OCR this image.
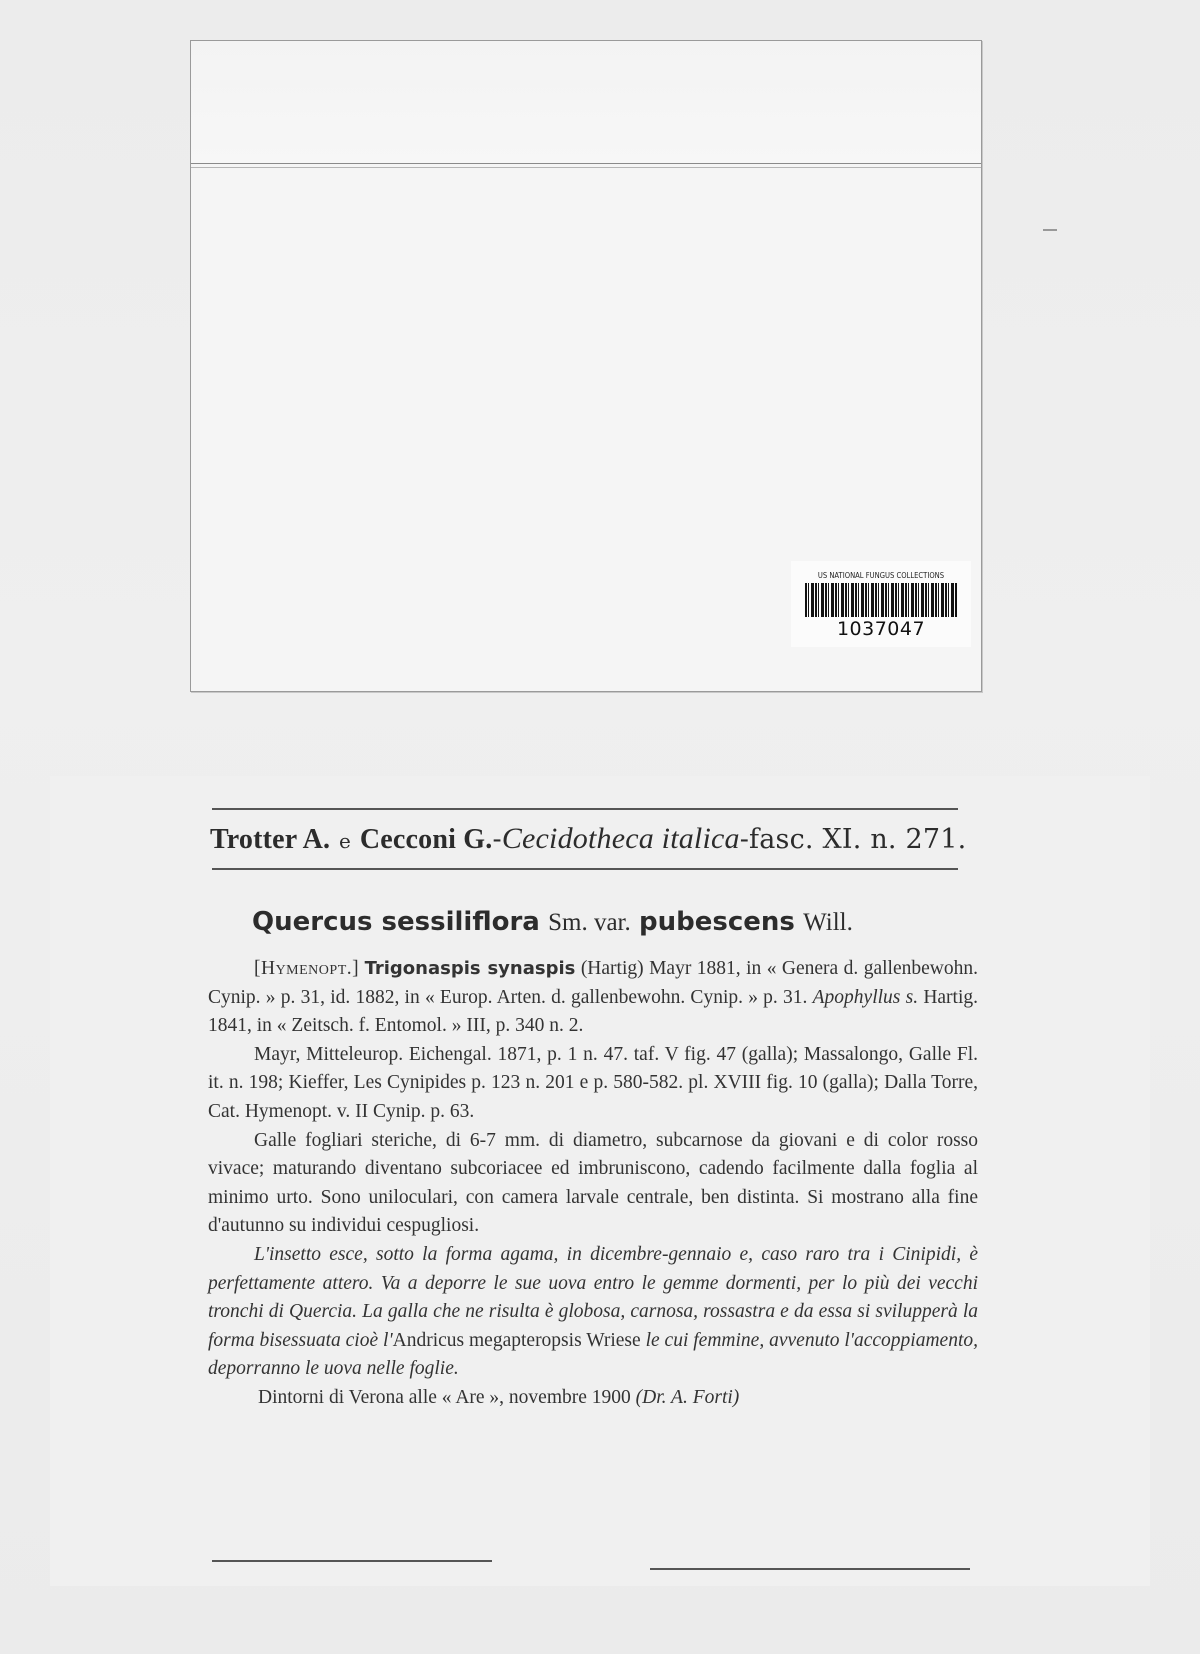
US NATIONAL FUNGUS COLLECTIONS
1037047
Trotter A. e Cecconi G.-Cecidotheca italica-fasc. XI. n. 271.
Quercus sessiliflora Sm. var. pubescens Will.

[Hymenopt.] Trigonaspis synaspis (Hartig) Mayr 1881, in « Genera d. gallenbewohn. Cynip. » p. 31, id. 1882, in « Europ. Arten. d. gallenbewohn. Cynip. » p. 31. Apophyllus s. Hartig. 1841, in « Zeitsch. f. Entomol. » III, p. 340 n. 2.

Mayr, Mitteleurop. Eichengal. 1871, p. 1 n. 47. taf. V fig. 47 (galla); Massalongo, Galle Fl. it. n. 198; Kieffer, Les Cynipides p. 123 n. 201 e p. 580-582. pl. XVIII fig. 10 (galla); Dalla Torre, Cat. Hymenopt. v. II Cynip. p. 63.

Galle fogliari steriche, di 6-7 mm. di diametro, subcarnose da giovani e di color rosso vivace; maturando diventano subcoriacee ed imbruniscono, cadendo facilmente dalla foglia al minimo urto. Sono uniloculari, con camera larvale centrale, ben distinta. Si mostrano alla fine d'autunno su individui cespugliosi.

L'insetto esce, sotto la forma agama, in dicembre-gennaio e, caso raro tra i Cinipidi, è perfettamente attero. Va a deporre le sue uova entro le gemme dormenti, per lo più dei vecchi tronchi di Quercia. La galla che ne risulta è globosa, carnosa, rossastra e da essa si svilupperà la forma bisessuata cioè l'Andricus megapteropsis Wriese le cui femmine, avvenuto l'accoppiamento, deporranno le uova nelle foglie.

Dintorni di Verona alle « Are », novembre 1900 (Dr. A. Forti)
